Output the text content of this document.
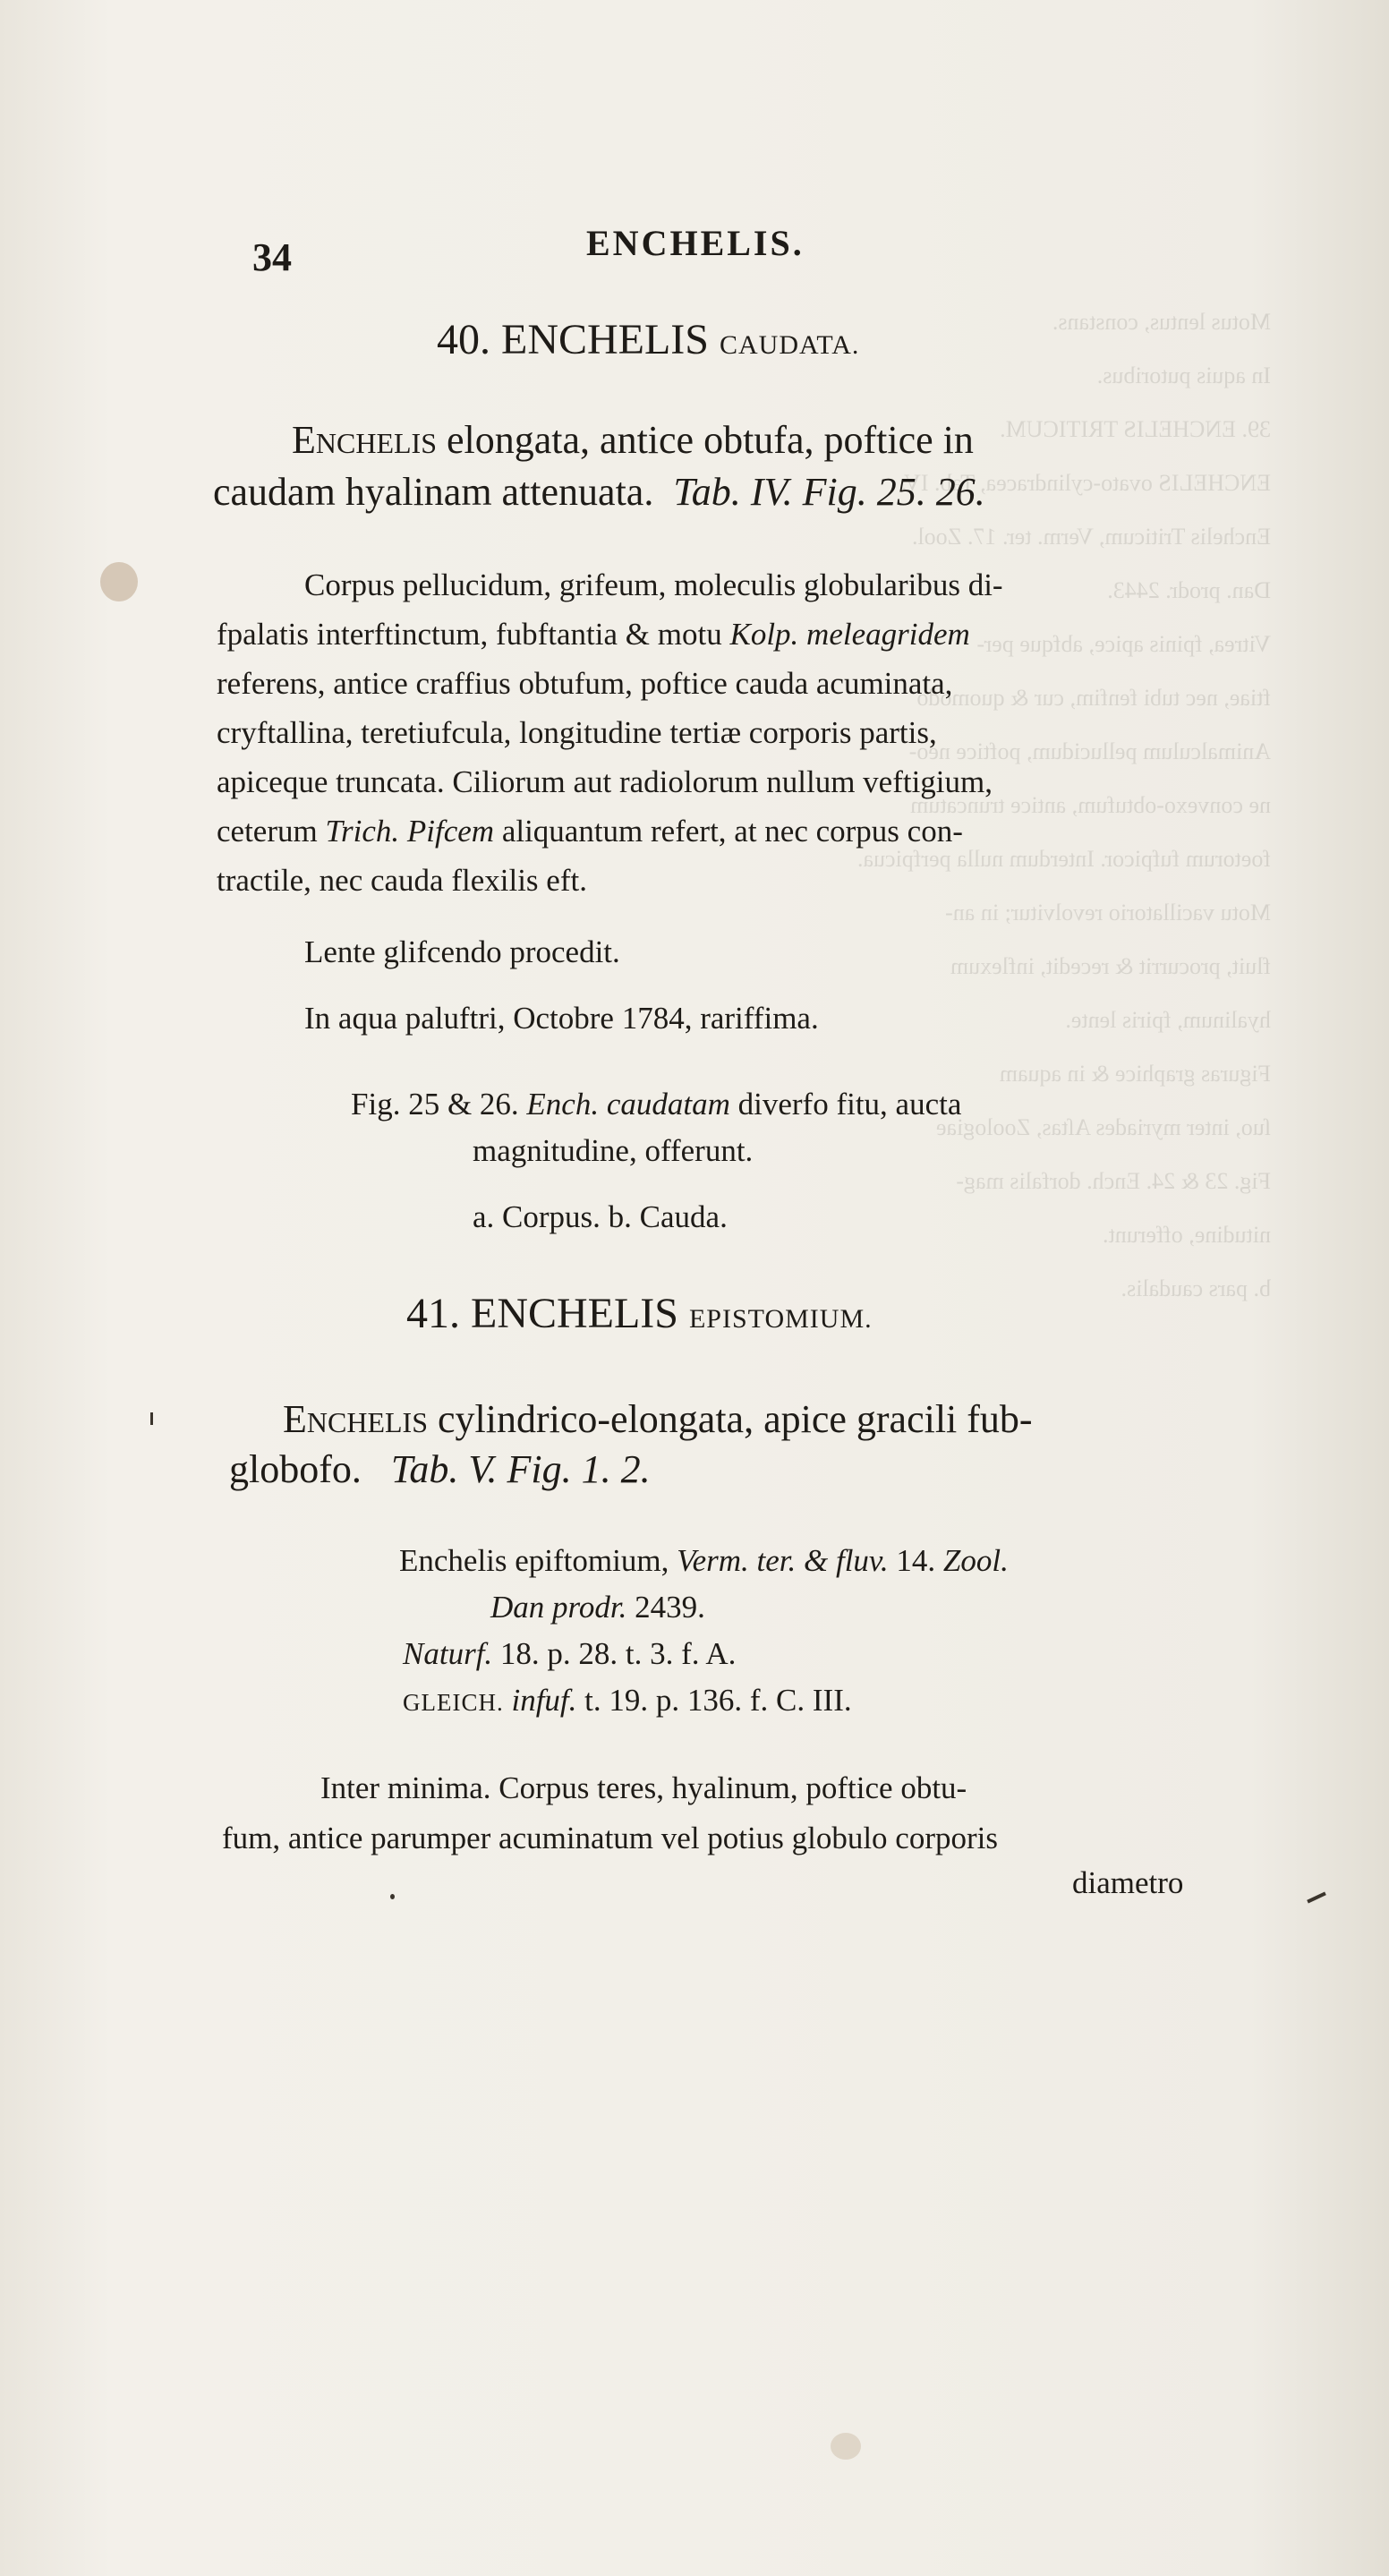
Motus lentus, constans.
In aquis putoribus.
39. ENCHELIS TRITICUM.
ENCHELIS ovato-cylindracea, Tab. IV.
Enchelis Triticum, Verm. ter. 17. Zool.
Dan. prodr. 2443.
Vitrea, fpinis apice, abfque per-
ftiae, nec tubi fenfim, cur & quomodo
Animalculum pellucidum, poftice neo-
ne convexo-obtufum, antice truncatum
foetorum fufpicor. Interdum nulla perfpicua.
Motu vacillatorio revolvitur; in an-
fluit, procurrit & recedit, inflexum
hyalinum, fpiris lente.
Figuras graphice & in aquam
ſuo, inter myriades Aſtas, Zoologiae
Fig. 23 & 24. Ench. dorfalis mag-
nitudine, offerunt.
b. pars caudalis.
34	ENCHELIS.
40. ENCHELIS CAUDATA.
ENCHELIS elongata, antice obtufa, poftice in
caudam hyalinam attenuata. Tab. IV. Fig. 25. 26.
Corpus pellucidum, grifeum, moleculis globularibus di-
fpalatis interftinctum, fubftantia & motu Kolp. meleagridem
referens, antice craffius obtufum, poftice cauda acuminata,
cryftallina, teretiufcula, longitudine tertiæ corporis partis,
apiceque truncata. Ciliorum aut radiolorum nullum veftigium,
ceterum Trich. Pifcem aliquantum refert, at nec corpus con-
tractile, nec cauda flexilis eft.
Lente glifcendo procedit.
In aqua paluftri, Octobre 1784, rariffima.
Fig. 25 & 26. Ench. caudatam diverfo fitu, aucta
magnitudine, offerunt.
a. Corpus. b. Cauda.
41. ENCHELIS EPISTOMIUM.
ENCHELIS cylindrico-elongata, apice gracili fub-
globofo. Tab. V. Fig. 1. 2.
Enchelis epiftomium, Verm. ter. & fluv. 14. Zool.
Dan prodr. 2439.
Naturf. 18. p. 28. t. 3. f. A.
GLEICH. infuf. t. 19. p. 136. f. C. III.
Inter minima. Corpus teres, hyalinum, poftice obtu-
fum, antice parumper acuminatum vel potius globulo corporis
diametro
